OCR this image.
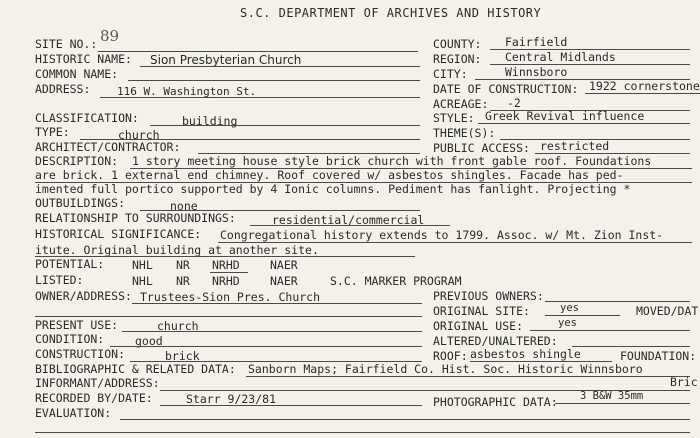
S.C. DEPARTMENT OF ARCHIVES AND HISTORY
SITE NO.: 89
HISTORIC NAME: Sion Presbyterian Church
COMMON NAME:
ADDRESS: 116 W. Washington St.
COUNTY: Fairfield
REGION: Central Midlands
CITY:	Winnsboro
DATE OF CONSTRUCTION: 1922 cornerstone
ACREAGE: -2
CLASSIFICATION:	building
TYPE:	church
ARCHITECT/CONTRACTOR:
STYLE: Greek Revival influence
THEME(S):
PUBLIC ACCESS: restricted
DESCRIPTION: 1 story meeting house style brick church with front gable roof. Foundations
are brick. 1 external end chimney. Roof covered w/ asbestos shingles. Facade has ped-
imented full portico supported by 4 Ionic columns. Pediment has fanlight. Projecting *
OUTBUILDINGS:	none
RELATIONSHIP TO SURROUNDINGS:	residential/commercial
HISTORICAL SIGNIFICANCE: Congregational history extends to 1799. Assoc. w/ Mt. Zion Inst-
itute. Original building at another site.
POTENTIAL: NHL NR NRHD	NAER
LISTED:	NHL NR NRHD	NAER	S.C. MARKER PROGRAM
OWNER/ADDRESS: Trustees-Sion Pres. Church	PREVIOUS OWNERS:
ORIGINAL SITE:	yes	MOVED/DAT
PRESENT USE:	church	ORIGINAL USE:	yes
CONDITION:	good	ALTERED/UNALTERED:
CONSTRUCTION:	brick	ROOF: asbestos shingle	FOUNDATION:
BIBLIOGRAPHIC & RELATED DATA: Sanborn Maps; Fairfield Co. Hist. Soc. Historic Winnsboro
INFORMANT/ADDRESS:	Bric
RECORDED BY/DATE:	Starr 9/23/81	PHOTOGRAPHIC DATA: 3 B&W 35mm
EVALUATION:
